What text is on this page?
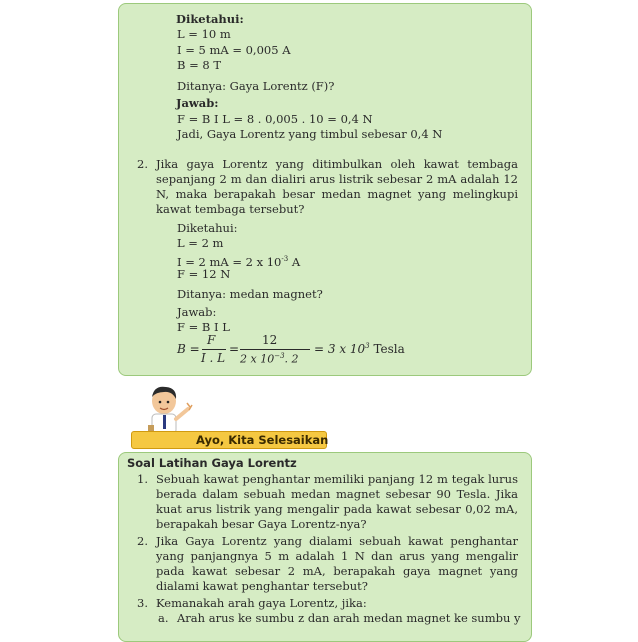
Diketahui:
L = 10 m
I = 5 mA = 0,005 A
B = 8 T
Ditanya: Gaya Lorentz (F)?
Jawab:
F = B I L = 8 . 0,005 . 10 = 0,4 N
Jadi, Gaya Lorentz yang timbul sebesar 0,4 N
2. Jika gaya Lorentz yang ditimbulkan oleh kawat tembaga sepanjang 2 m dan dialiri arus listrik sebesar 2 mA adalah 12 N, maka berapakah besar medan magnet yang melingkupi kawat tembaga tersebut?
Diketahui:
L = 2 m
I = 2 mA = 2 x $10^{-3}$ A
F = 12 N
Ditanya: medan magnet?
Jawab:
F = B I L
B =
F
I . L
=
12
2 x $10^{-3}$. 2
= 3 x $10^3$ Tesla
Ayo, Kita Selesaikan
Soal Latihan Gaya Lorentz
1. Sebuah kawat penghantar memiliki panjang 12 m tegak lurus berada dalam sebuah medan magnet sebesar 90 Tesla. Jika kuat arus listrik yang mengalir pada kawat sebesar 0,02 mA, berapakah besar Gaya Lorentz-nya?
2. Jika Gaya Lorentz yang dialami sebuah kawat penghantar yang panjangnya 5 m adalah 1 N dan arus yang mengalir pada kawat sebesar 2 mA, berapakah gaya magnet yang dialami kawat penghantar tersebut?
3. Kemanakah arah gaya Lorentz, jika:
a. Arah arus ke sumbu z dan arah medan magnet ke sumbu y
